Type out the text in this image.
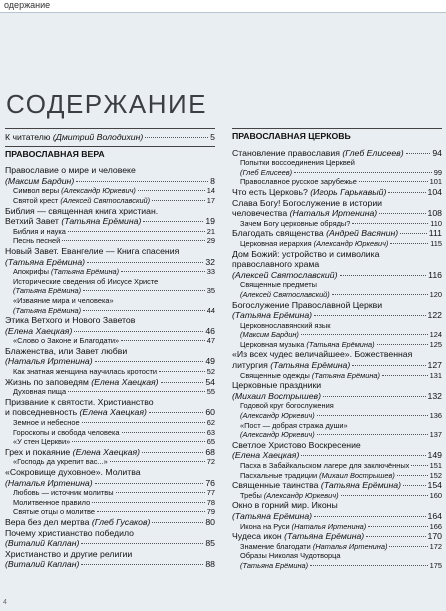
одержание
СОДЕРЖАНИЕ
К читателю (Дмитрий Володихин)	5
ПРАВОСЛАВНАЯ ВЕРА
Православие о мире и человеке
(Максим Бардин)	8
Символ веры (Александр Юркевич)	14
Святой крест (Алексей Святославский)	17
Библия — священная книга христиан.
Ветхий Завет (Татьяна Ерёмина)	19
Библия и наука	21
Песнь песней	29
Новый Завет. Евангелие — Книга спасения
(Татьяна Ерёмина)	32
Апокрифы (Татьяна Ерёмина)	33
Исторические сведения об Иисусе Христе
(Татьяна Ерёмина)	35
«Изваяние мира и человека»
(Татьяна Ерёмина)	44
Этика Ветхого и Нового Заветов
(Елена Хаецкая)	46
«Слово о Законе и Благодати»	47
Блаженства, или Завет любви
(Наталья Иртенина)	49
Как знатная женщина научилась кротости	52
Жизнь по заповедям (Елена Хаецкая)	54
Духовная пища	55
Призвание к святости. Христианство
и повседневность (Елена Хаецкая)	60
Земное и небесное	62
Гороскопы и свобода человека	63
«У стен Церкви»	65
Грех и покаяние (Елена Хаецкая)	68
«Господь да укрепит вас...»	72
«Сокровище духовное». Молитва
(Наталья Иртенина)	76
Любовь — источник молитвы	77
Молитвенное правило	78
Святые отцы о молитве	79
Вера без дел мертва (Глеб Гусаков)	80
Почему христианство победило
(Виталий Каплан)	85
Христианство и другие религии
(Виталий Каплан)	88
ПРАВОСЛАВНАЯ ЦЕРКОВЬ
Становление православия (Глеб Елисеев)	94
Попытки воссоединения Церквей
(Глеб Елисеев)	99
Православное русское зарубежье	101
Что есть Церковь? (Игорь Гарькавый)	104
Слава Богу! Богослужение в истории
человечества (Наталья Иртенина)	108
Зачем Богу церковные обряды?	110
Благодать священства (Андрей Васянин)	111
Церковная иерархия (Александр Юркевич)	115
Дом Божий: устройство и символика
православного храма
(Алексей Святославский)	116
Священные предметы
(Алексей Святославский)	120
Богослужение Православной Церкви
(Татьяна Ерёмина)	122
Церковнославянский язык
(Максим Бардин)	124
Церковная музыка (Татьяна Ерёмина)	125
«Из всех чудес величайшее». Божественная
литургия (Татьяна Ерёмина)	127
Священные одежды (Татьяна Ерёмина)	131
Церковные праздники
(Михаил Вострышев)	132
Годовой круг богослужения
(Александр Юркевич)	136
«Пост — добрая стража души»
(Александр Юркевич)	137
Светлое Христово Воскресение
(Елена Хаецкая)	149
Пасха в Забайкальском лагере для заключённых	151
Пасхальные традиции (Михаил Вострышев)	152
Священные таинства (Татьяна Ерёмина)	154
Требы (Александр Юркевич)	160
Окно в горний мир. Иконы
(Татьяна Ерёмина)	164
Икона на Руси (Наталья Иртенина)	166
Чудеса икон (Татьяна Ерёмина)	170
Знамение благодати (Наталья Иртенина)	172
Образы Николая Чудотворца
(Татьяна Ерёмина)	175
4
